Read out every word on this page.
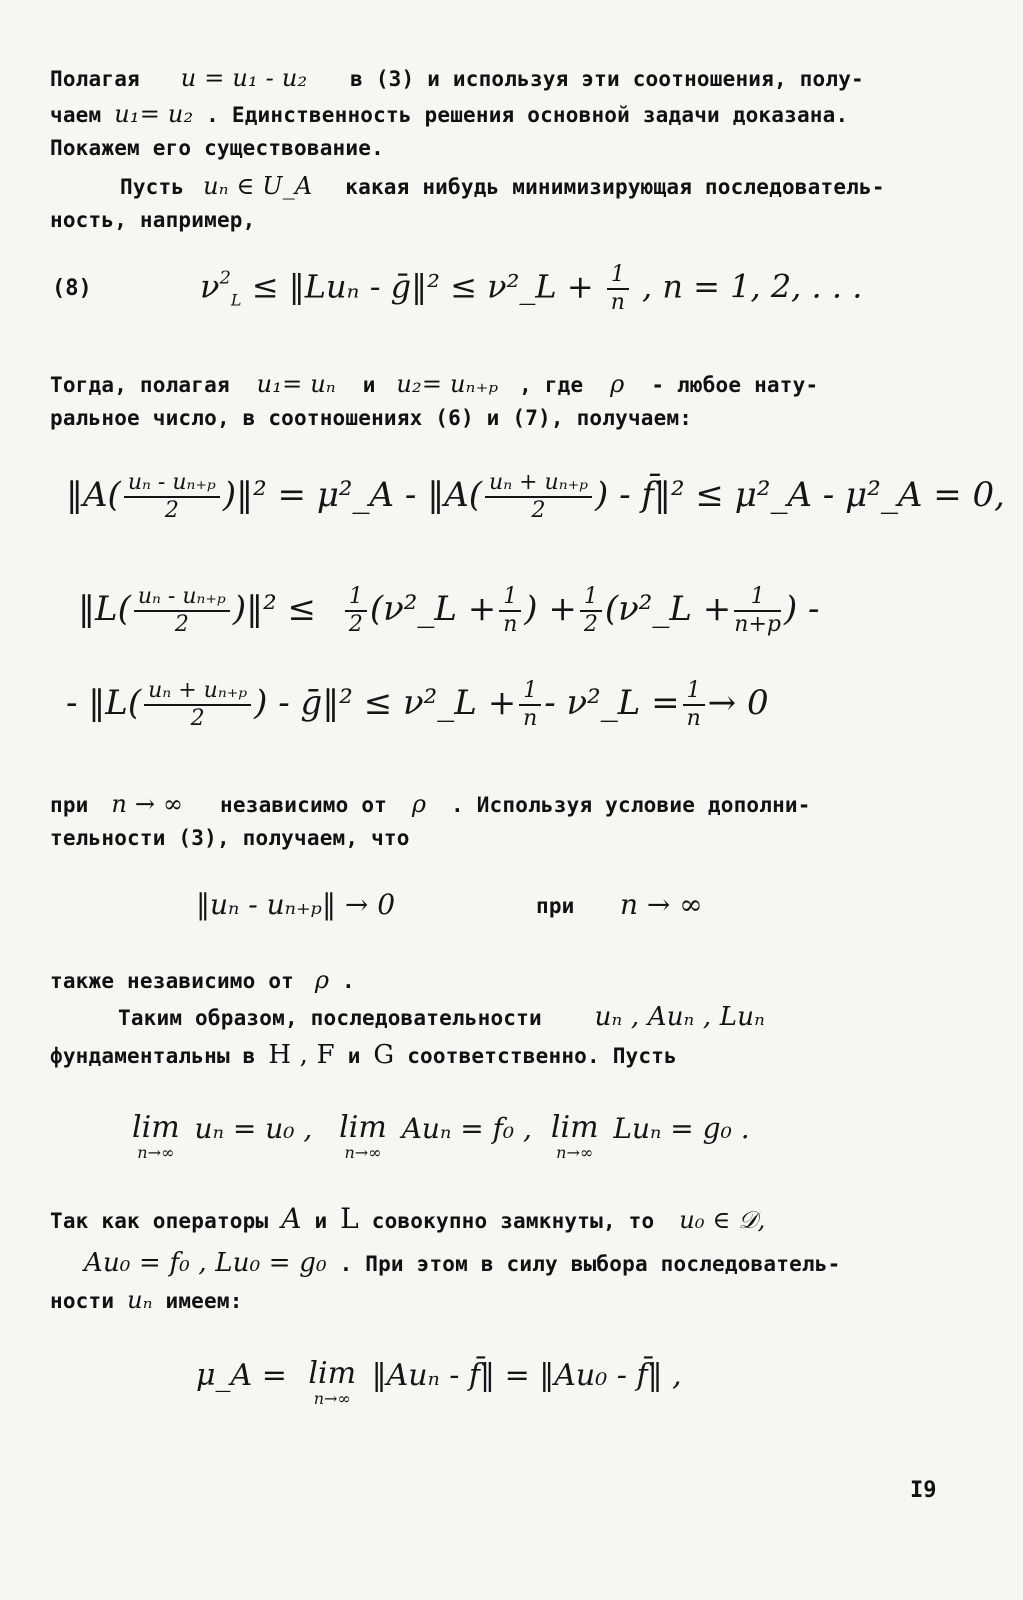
Полагая u = u₁ - u₂ в (3) и используя эти соотношения, полу-
чаем u₁= u₂ . Единственность решения основной задачи доказана.
Покажем его существование.
Пусть uₙ ∈ U_A какая нибудь минимизирующая последователь-
ность, например,
(8)	$\nu^2_L$ ≤ ‖Luₙ - ḡ‖² ≤ ν²_L + $\frac{1}{n}$ , n = 1, 2, . . .
Тогда, полагая u₁= uₙ и u₂= uₙ₊ₚ , где ρ - любое нату-
ральное число, в соотношениях (6) и (7), получаем:
‖A( $\frac{\text{uₙ - uₙ₊ₚ}}{2}$ )‖² = μ²_A - ‖A( $\frac{\text{uₙ + uₙ₊ₚ}}{2}$ ) - f̄‖² ≤ μ²_A - μ²_A = 0,
‖L( $\frac{\text{uₙ - uₙ₊ₚ}}{2}$ )‖² ≤ $\frac{1}{2}$ (ν²_L + $\frac{1}{n}$ ) + $\frac{1}{2}$ (ν²_L + $\frac{1}{n+p}$ ) -
- ‖L( $\frac{\text{uₙ + uₙ₊ₚ}}{2}$ ) - ḡ‖² ≤ ν²_L + $\frac{1}{n}$ - ν²_L = $\frac{1}{n} \to 0$
при n → ∞ независимо от ρ . Используя условие дополни-
тельности (3), получаем, что
‖uₙ - uₙ₊ₚ‖ → 0	при n → ∞
также независимо от ρ .
Таким образом, последовательности uₙ , Auₙ , Luₙ
фундаментальны в H , F и G соответственно. Пусть
lim
n→∞
uₙ = u₀ , lim
n→∞
Auₙ = f₀ , lim
n→∞
Luₙ = g₀ .
Так как операторы A и L совокупно замкнуты, то u₀ ∈ 𝒟,
Au₀ = f₀ , Lu₀ = g₀ . При этом в силу выбора последователь-
ности uₙ имеем:
μ_A = lim
n→∞
‖Auₙ - f̄‖ = ‖Au₀ - f̄‖ ,
I9
